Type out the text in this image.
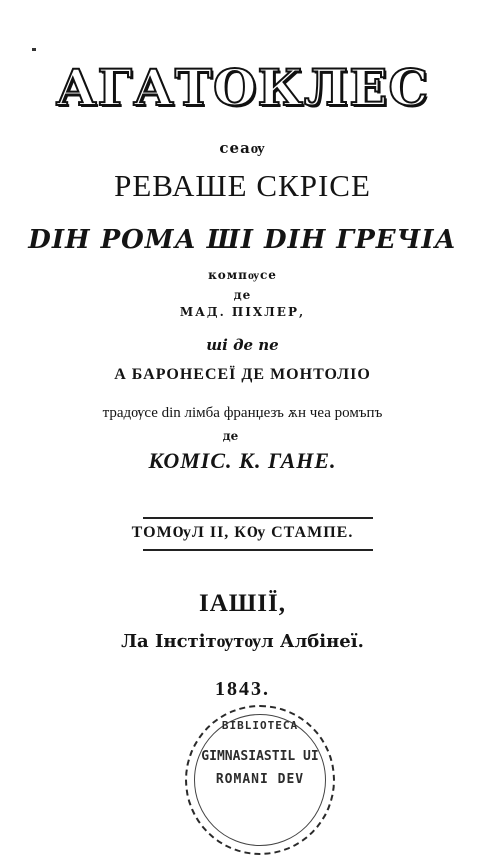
АГАТОКЛЕС
сеаѹ
РЕВАШЕ СКРІСЕ
DIН РОМА ШІ DIН ГРЕЧІА
компѹсе
де
МАД. ПІХЛЕР,
ші де пе
А БАРОНЕСЕЇ ДЕ МОНТОЛІО
традѹсе din лімба франџезъ ѫн чеа ромъпъ
де
КОМІС. К. ГАНЕ.
ТОМѸЛ II, КѸ СТАМПЕ.
ІАШІЇ,
Ла Інстітѹтѹл Албінеї.
1843.
BIBLIOTECA
GIMNASIASTIL UI
ROMANI DEV
